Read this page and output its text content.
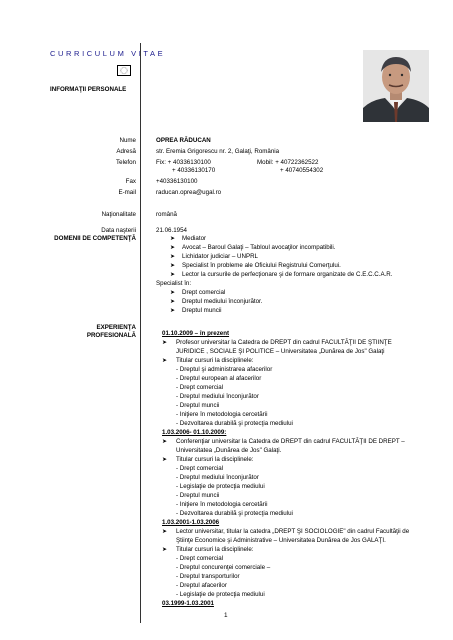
CURRICULUM VITAE
INFORMAŢII PERSONALE
Nume
Adresă
Telefon
Fax
E-mail
Naţionalitate
Data naşterii
DOMENII DE COMPETENŢĂ
EXPERIENŢA PROFESIONALĂ
OPREA RĂDUCAN
str. Eremia Grigorescu nr. 2, Galaţi, România
Fix: + 40336130100	Mobil: + 40722362522
+ 40336130170	+ 40740554302
+40336130100
raducan.oprea@ugal.ro
română
21.06.1954
➤ Mediator
➤ Avocat – Baroul Galaţi – Tabloul avocaţilor incompatibili.
➤ Lichidator judiciar – UNPRL
➤ Specialist în probleme ale Oficiului Registrului Comerţului.
➤ Lector la cursurile de perfecţionare şi de formare organizate de C.E.C.C.A.R.
Specialist în:
➤ Drept comercial
➤ Dreptul mediului înconjurător.
➤ Dreptul muncii
01.10.2009 – în prezent
➤ Profesor universitar la Catedra de DREPT din cadrul FACULTĂŢII DE ŞTIINŢE
JURIDICE , SOCIALE ŞI POLITICE – Universitatea „Dunărea de Jos" Galaţi
➤ Titular cursuri la disciplinele:
- Dreptul şi administrarea afacerilor
- Dreptul european al afacerilor
- Drept comercial
- Dreptul mediului înconjurător
- Dreptul muncii
- Iniţiere în metodologia cercetării
- Dezvoltarea durabilă şi protecţia mediului
1.03.2006- 01.10.2009:
➤ Conferenţiar universitar la Catedra de DREPT din cadrul FACULTĂŢII DE DREPT –
Universitatea „Dunărea de Jos" Galaţi.
➤ Titular cursuri la disciplinele:
- Drept comercial
- Dreptul mediului înconjurător
- Legislaţie de protecţia mediului
- Dreptul muncii
- Iniţiere în metodologia cercetării
- Dezvoltarea durabilă şi protecţia mediului
1.03.2001-1.03.2006
➤ Lector universitar, titular la catedra „DREPT ŞI SOCIOLOGIE" din cadrul Facultăţii de
Ştiinţe Economice şi Administrative – Universitatea Dunărea de Jos GALAŢI.
➤ Titular cursuri la disciplinele:
- Drept comercial
- Dreptul concurenţei comerciale –
- Dreptul transporturilor
- Dreptul afacerilor
- Legislaţie de protecţia mediului
03.1999-1.03.2001
1
